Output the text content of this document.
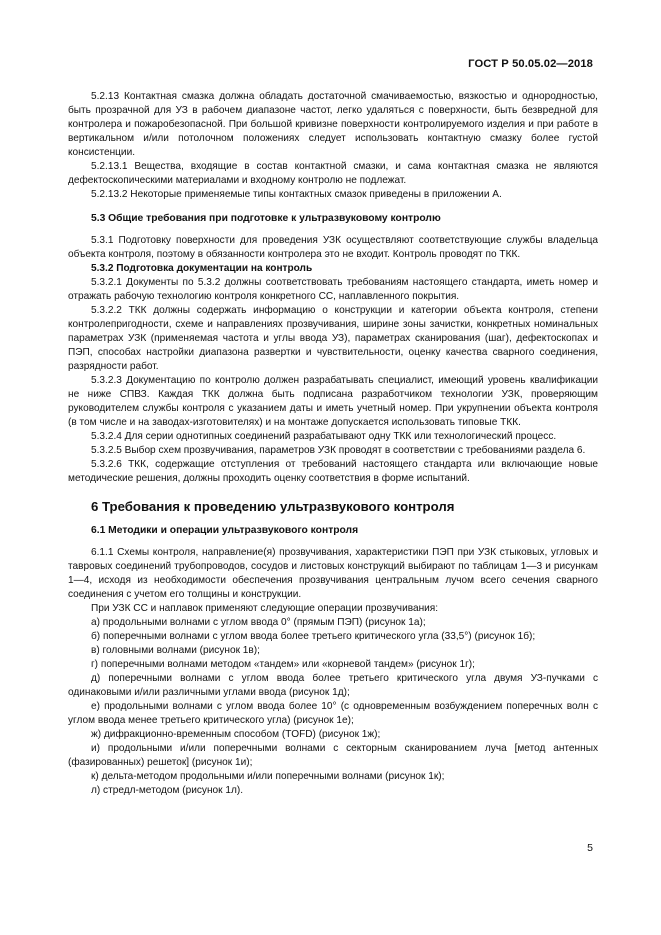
ГОСТ Р 50.05.02—2018

5.2.13 Контактная смазка должна обладать достаточной смачиваемостью, вязкостью и однородностью, быть прозрачной для УЗ в рабочем диапазоне частот, легко удаляться с поверхности, быть безвредной для контролера и пожаробезопасной. При большой кривизне поверхности контролируемого изделия и при работе в вертикальном и/или потолочном положениях следует использовать контактную смазку более густой консистенции.

5.2.13.1 Вещества, входящие в состав контактной смазки, и сама контактная смазка не являются дефектоскопическими материалами и входному контролю не подлежат.

5.2.13.2 Некоторые применяемые типы контактных смазок приведены в приложении А.

5.3 Общие требования при подготовке к ультразвуковому контролю

5.3.1 Подготовку поверхности для проведения УЗК осуществляют соответствующие службы владельца объекта контроля, поэтому в обязанности контролера это не входит. Контроль проводят по ТКК.

5.3.2 Подготовка документации на контроль

5.3.2.1 Документы по 5.3.2 должны соответствовать требованиям настоящего стандарта, иметь номер и отражать рабочую технологию контроля конкретного СС, наплавленного покрытия.

5.3.2.2 ТКК должны содержать информацию о конструкции и категории объекта контроля, степени контролепригодности, схеме и направлениях прозвучивания, ширине зоны зачистки, конкретных номинальных параметрах УЗК (применяемая частота и углы ввода УЗ), параметрах сканирования (шаг), дефектоскопах и ПЭП, способах настройки диапазона развертки и чувствительности, оценку качества сварного соединения, разрядности работ.

5.3.2.3 Документацию по контролю должен разрабатывать специалист, имеющий уровень квалификации не ниже СПВЗ. Каждая ТКК должна быть подписана разработчиком технологии УЗК, проверяющим руководителем службы контроля с указанием даты и иметь учетный номер. При укрупнении объекта контроля (в том числе и на заводах-изготовителях) и на монтаже допускается использовать типовые ТКК.

5.3.2.4 Для серии однотипных соединений разрабатывают одну ТКК или технологический процесс.

5.3.2.5 Выбор схем прозвучивания, параметров УЗК проводят в соответствии с требованиями раздела 6.

5.3.2.6 ТКК, содержащие отступления от требований настоящего стандарта или включающие новые методические решения, должны проходить оценку соответствия в форме испытаний.

6 Требования к проведению ультразвукового контроля
6.1 Методики и операции ультразвукового контроля

6.1.1 Схемы контроля, направление(я) прозвучивания, характеристики ПЭП при УЗК стыковых, угловых и тавровых соединений трубопроводов, сосудов и листовых конструкций выбирают по таблицам 1—3 и рисункам 1—4, исходя из необходимости обеспечения прозвучивания центральным лучом всего сечения сварного соединения с учетом его толщины и конструкции.

При УЗК СС и наплавок применяют следующие операции прозвучивания:

а) продольными волнами с углом ввода 0° (прямым ПЭП) (рисунок 1а);

б) поперечными волнами с углом ввода более третьего критического угла (33,5°) (рисунок 1б);

в) головными волнами (рисунок 1в);

г) поперечными волнами методом «тандем» или «корневой тандем» (рисунок 1г);

д) поперечными волнами с углом ввода более третьего критического угла двумя УЗ-пучками с одинаковыми и/или различными углами ввода (рисунок 1д);

е) продольными волнами с углом ввода более 10° (с одновременным возбуждением поперечных волн с углом ввода менее третьего критического угла) (рисунок 1е);

ж) дифракционно-временным способом (TOFD) (рисунок 1ж);

и) продольными и/или поперечными волнами с секторным сканированием луча [метод антенных (фазированных) решеток] (рисунок 1и);

к) дельта-методом продольными и/или поперечными волнами (рисунок 1к);

л) стредл-методом (рисунок 1л).

5
